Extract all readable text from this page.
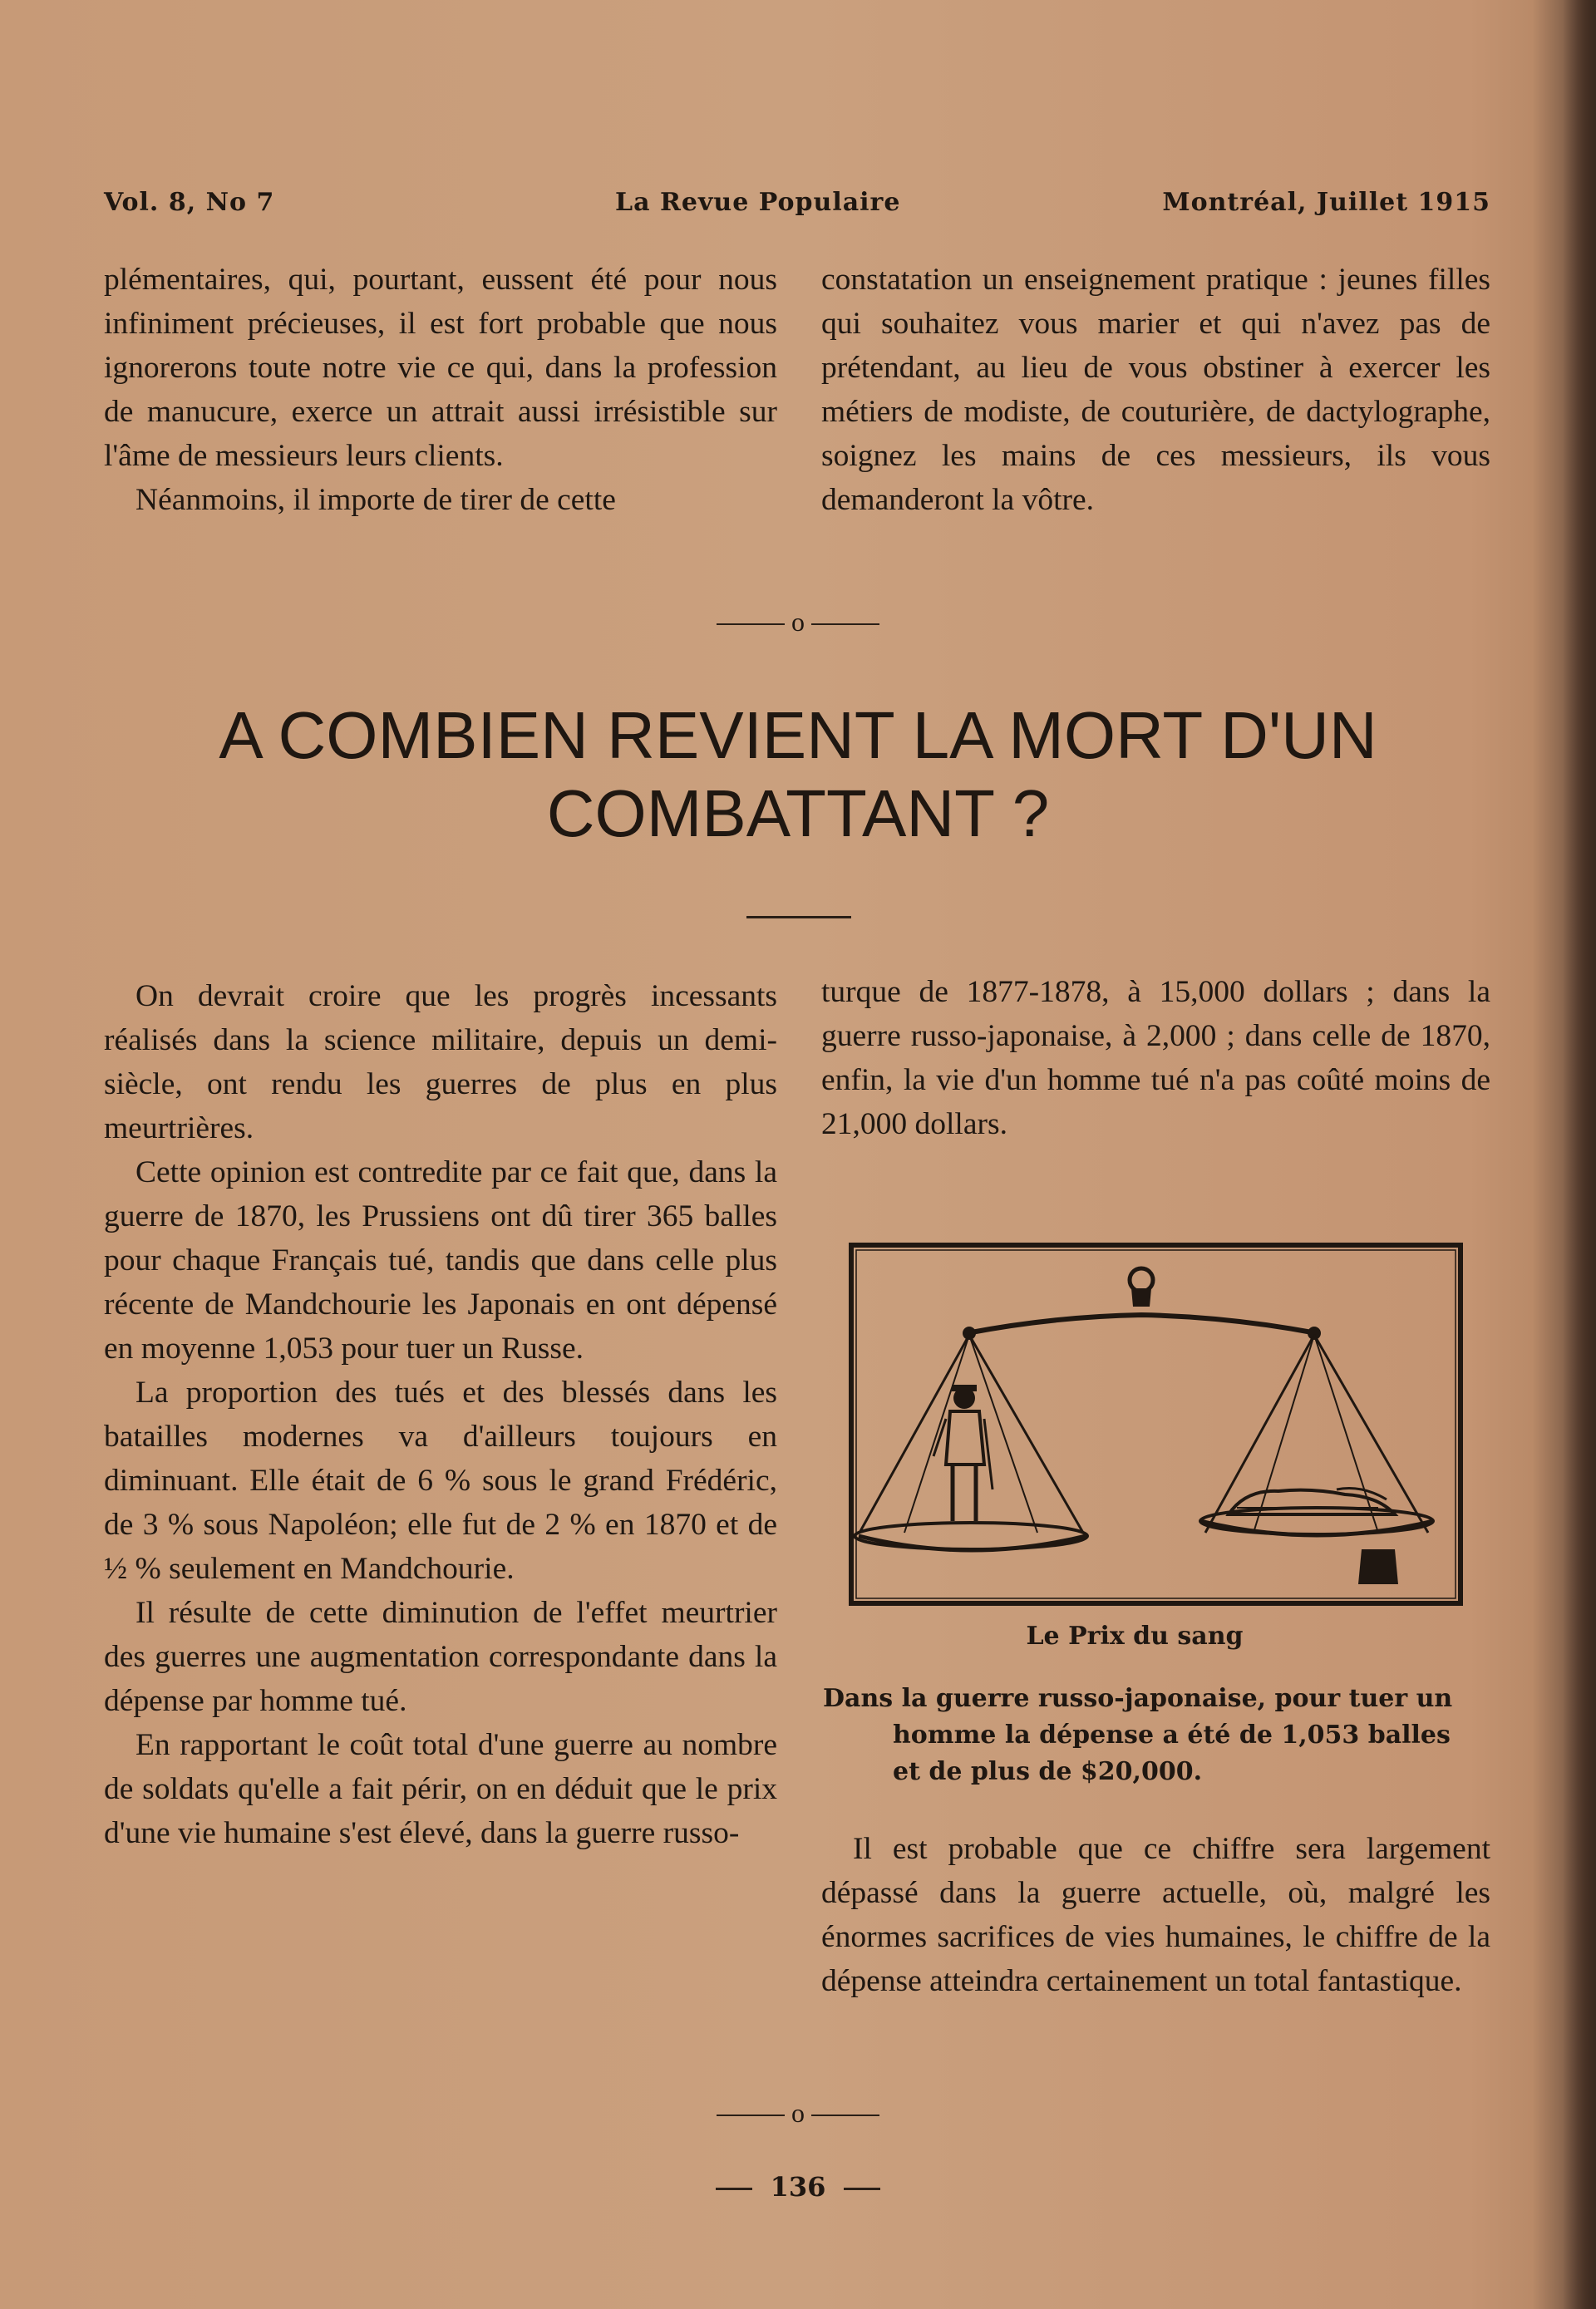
Vol. 8, No 7	La Revue Populaire	Montréal, Juillet 1915

plémentaires, qui, pourtant, eussent été pour nous infiniment précieuses, il est fort probable que nous ignorerons toute notre vie ce qui, dans la profession de manucure, exerce un attrait aussi irrésistible sur l'âme de messieurs leurs clients.

Néanmoins, il importe de tirer de cette

constatation un enseignement pratique : jeunes filles qui souhaitez vous marier et qui n'avez pas de prétendant, au lieu de vous obstiner à exercer les métiers de modiste, de couturière, de dactylographe, soignez les mains de ces messieurs, ils vous demanderont la vôtre.

o
A COMBIEN REVIENT LA MORT D'UN COMBATTANT ?

On devrait croire que les progrès incessants réalisés dans la science militaire, depuis un demi-siècle, ont rendu les guerres de plus en plus meurtrières.

Cette opinion est contredite par ce fait que, dans la guerre de 1870, les Prussiens ont dû tirer 365 balles pour chaque Français tué, tandis que dans celle plus récente de Mandchourie les Japonais en ont dépensé en moyenne 1,053 pour tuer un Russe.

La proportion des tués et des blessés dans les batailles modernes va d'ailleurs toujours en diminuant. Elle était de 6 % sous le grand Frédéric, de 3 % sous Napoléon; elle fut de 2 % en 1870 et de ½ % seulement en Mandchourie.

Il résulte de cette diminution de l'effet meurtrier des guerres une augmentation correspondante dans la dépense par homme tué.

En rapportant le coût total d'une guerre au nombre de soldats qu'elle a fait périr, on en déduit que le prix d'une vie humaine s'est élevé, dans la guerre russo-

turque de 1877-1878, à 15,000 dollars ; dans la guerre russo-japonaise, à 2,000 ; dans celle de 1870, enfin, la vie d'un homme tué n'a pas coûté moins de 21,000 dollars.

Le Prix du sang
Dans la guerre russo-japonaise, pour tuer un
homme la dépense a été de 1,053 balles
et de plus de $20,000.

Il est probable que ce chiffre sera largement dépassé dans la guerre actuelle, où, malgré les énormes sacrifices de vies humaines, le chiffre de la dépense atteindra certainement un total fantastique.

o
136
